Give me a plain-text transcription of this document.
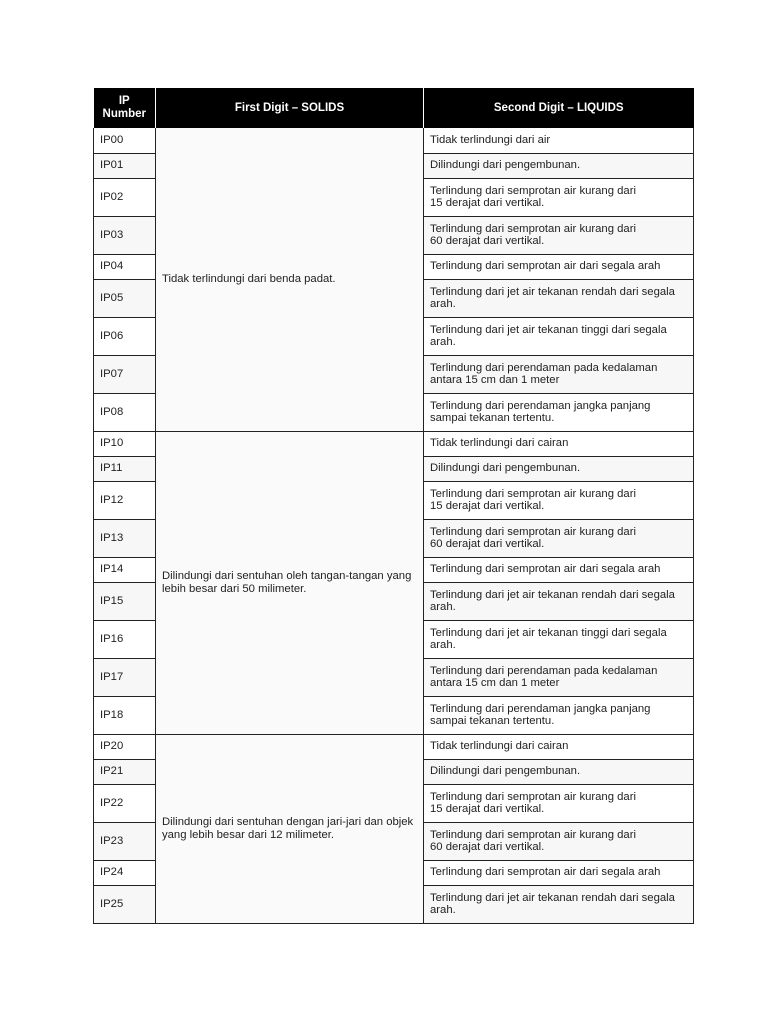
IP Number	First Digit – SOLIDS	Second Digit – LIQUIDS
IP00	Tidak terlindungi dari benda padat.	Tidak terlindungi dari air
IP01		Dilindungi dari pengembunan.
IP02		Terlindung dari semprotan air kurang dari
15 derajat dari vertikal.
IP03		Terlindung dari semprotan air kurang dari
60 derajat dari vertikal.
IP04		Terlindung dari semprotan air dari segala arah
IP05		Terlindung dari jet air tekanan rendah dari segala arah.
IP06		Terlindung dari jet air tekanan tinggi dari segala arah.
IP07		Terlindung dari perendaman pada kedalaman antara 15 cm dan 1 meter
IP08		Terlindung dari perendaman jangka panjang sampai tekanan tertentu.
IP10	Dilindungi dari sentuhan oleh tangan-tangan yang lebih besar dari 50 milimeter.	Tidak terlindungi dari cairan
IP11		Dilindungi dari pengembunan.
IP12		Terlindung dari semprotan air kurang dari
15 derajat dari vertikal.
IP13		Terlindung dari semprotan air kurang dari
60 derajat dari vertikal.
IP14		Terlindung dari semprotan air dari segala arah
IP15		Terlindung dari jet air tekanan rendah dari segala arah.
IP16		Terlindung dari jet air tekanan tinggi dari segala arah.
IP17		Terlindung dari perendaman pada kedalaman antara 15 cm dan 1 meter
IP18		Terlindung dari perendaman jangka panjang sampai tekanan tertentu.
IP20	Dilindungi dari sentuhan dengan jari-jari dan objek yang lebih besar dari 12 milimeter.	Tidak terlindungi dari cairan
IP21		Dilindungi dari pengembunan.
IP22		Terlindung dari semprotan air kurang dari
15 derajat dari vertikal.
IP23		Terlindung dari semprotan air kurang dari
60 derajat dari vertikal.
IP24		Terlindung dari semprotan air dari segala arah
IP25		Terlindung dari jet air tekanan rendah dari segala arah.
